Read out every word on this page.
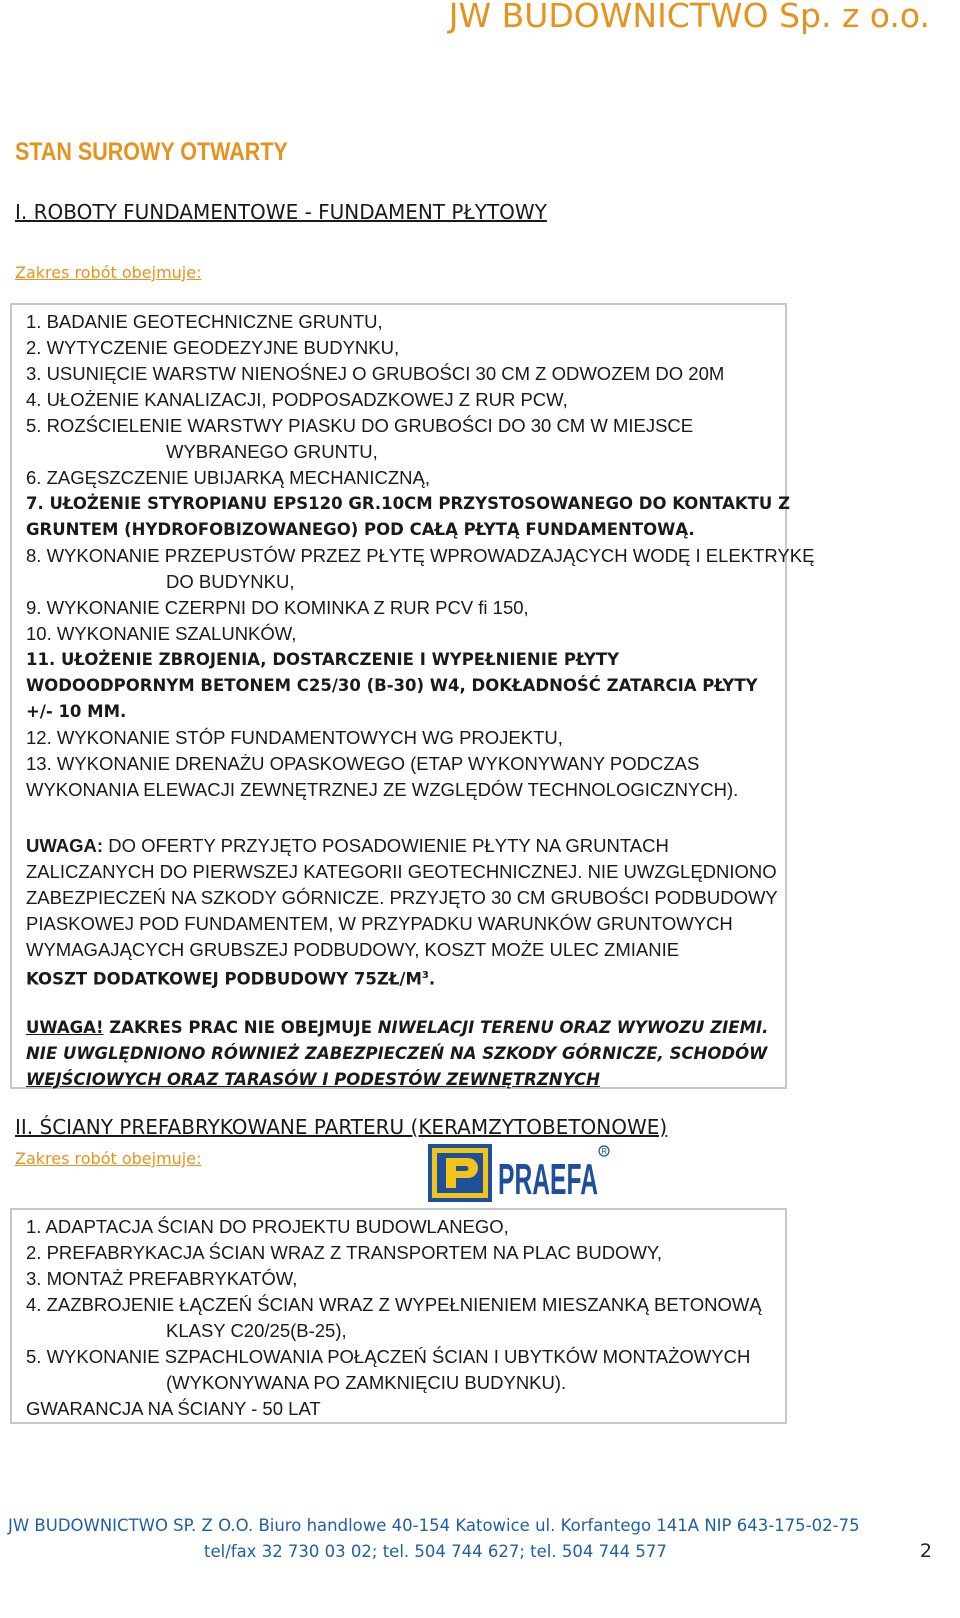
JW BUDOWNICTWO Sp. z o.o.
STAN SUROWY OTWARTY
I. ROBOTY FUNDAMENTOWE - FUNDAMENT PŁYTOWY
Zakres robót obejmuje:
1. BADANIE GEOTECHNICZNE GRUNTU,
2. WYTYCZENIE GEODEZYJNE BUDYNKU,
3. USUNIĘCIE WARSTW NIENOŚNEJ O GRUBOŚCI 30 CM Z ODWOZEM DO 20M
4. UŁOŻENIE KANALIZACJI, PODPOSADZKOWEJ Z RUR PCW,
5. ROZŚCIELENIE WARSTWY PIASKU DO GRUBOŚCI DO 30 CM W MIEJSCE
WYBRANEGO GRUNTU,
6. ZAGĘSZCZENIE UBIJARKĄ MECHANICZNĄ,
7. UŁOŻENIE STYROPIANU EPS120 GR.10CM PRZYSTOSOWANEGO DO KONTAKTU Z
GRUNTEM (HYDROFOBIZOWANEGO) POD CAŁĄ PŁYTĄ FUNDAMENTOWĄ.
8. WYKONANIE PRZEPUSTÓW PRZEZ PŁYTĘ WPROWADZAJĄCYCH WODĘ I ELEKTRYKĘ
DO BUDYNKU,
9. WYKONANIE CZERPNI DO KOMINKA Z RUR PCV fi 150,
10. WYKONANIE SZALUNKÓW,
11. UŁOŻENIE ZBROJENIA, DOSTARCZENIE I WYPEŁNIENIE PŁYTY
WODOODPORNYM BETONEM C25/30 (B-30) W4, DOKŁADNOŚĆ ZATARCIA PŁYTY
+/- 10 MM.
12. WYKONANIE STÓP FUNDAMENTOWYCH WG PROJEKTU,
13. WYKONANIE DRENAŻU OPASKOWEGO (ETAP WYKONYWANY PODCZAS
WYKONANIA ELEWACJI ZEWNĘTRZNEJ ZE WZGLĘDÓW TECHNOLOGICZNYCH).
UWAGA: DO OFERTY PRZYJĘTO POSADOWIENIE PŁYTY NA GRUNTACH
ZALICZANYCH DO PIERWSZEJ KATEGORII GEOTECHNICZNEJ. NIE UWZGLĘDNIONO
ZABEZPIECZEŃ NA SZKODY GÓRNICZE. PRZYJĘTO 30 CM GRUBOŚCI PODBUDOWY
PIASKOWEJ POD FUNDAMENTEM, W PRZYPADKU WARUNKÓW GRUNTOWYCH
WYMAGAJĄCYCH GRUBSZEJ PODBUDOWY, KOSZT MOŻE ULEC ZMIANIE
KOSZT DODATKOWEJ PODBUDOWY $75ZŁ/M^3$.
UWAGA! ZAKRES PRAC NIE OBEJMUJE NIWELACJI TERENU ORAZ WYWOZU ZIEMI.
NIE UWGLĘDNIONO RÓWNIEŻ ZABEZPIECZEŃ NA SZKODY GÓRNICZE, SCHODÓW
WEJŚCIOWYCH ORAZ TARASÓW I PODESTÓW ZEWNĘTRZNYCH
II. ŚCIANY PREFABRYKOWANE PARTERU (KERAMZYTOBETONOWE)
Zakres robót obejmuje:	PRAEFA
R
1. ADAPTACJA ŚCIAN DO PROJEKTU BUDOWLANEGO,
2. PREFABRYKACJA ŚCIAN WRAZ Z TRANSPORTEM NA PLAC BUDOWY,
3. MONTAŻ PREFABRYKATÓW,
4. ZAZBROJENIE ŁĄCZEŃ ŚCIAN WRAZ Z WYPEŁNIENIEM MIESZANKĄ BETONOWĄ
KLASY C20/25(B-25),
5. WYKONANIE SZPACHLOWANIA POŁĄCZEŃ ŚCIAN I UBYTKÓW MONTAŻOWYCH
(WYKONYWANA PO ZAMKNIĘCIU BUDYNKU).
GWARANCJA NA ŚCIANY - 50 LAT
JW BUDOWNICTWO SP. Z O.O. Biuro handlowe 40-154 Katowice ul. Korfantego 141A NIP 643-175-02-75
tel/fax 32 730 03 02; tel. 504 744 627; tel. 504 744 577	2
